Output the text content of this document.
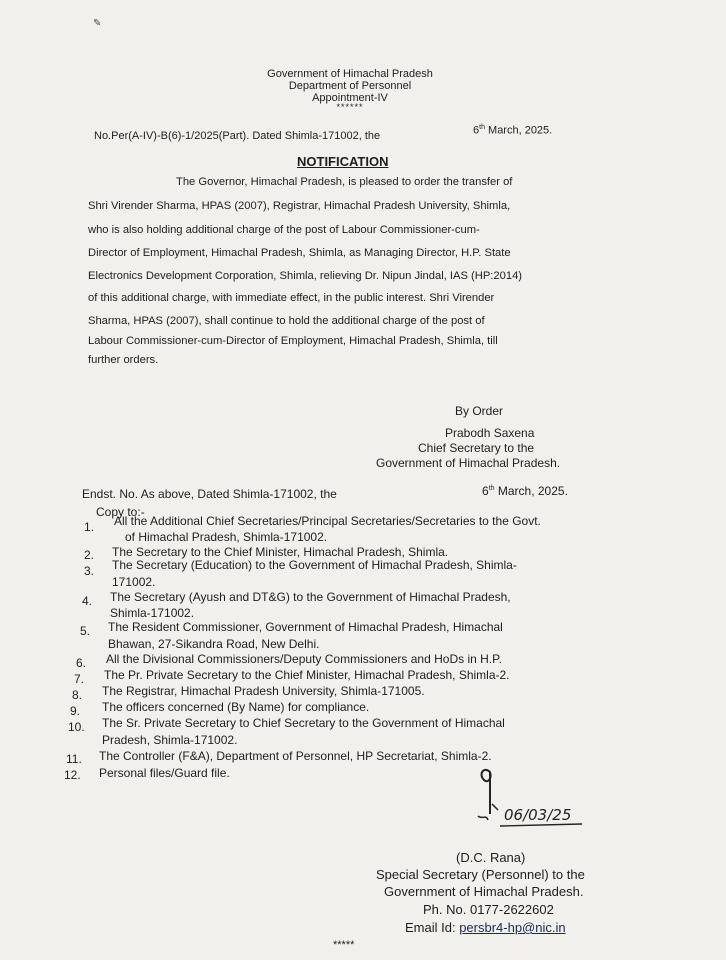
✎
Government of Himachal Pradesh
Department of Personnel
Appointment-IV
******
No.Per(A-IV)-B(6)-1/2025(Part). Dated Shimla-171002, the	6th March, 2025.
NOTIFICATION
The Governor, Himachal Pradesh, is pleased to order the transfer of
Shri Virender Sharma, HPAS (2007), Registrar, Himachal Pradesh University, Shimla,
who is also holding additional charge of the post of Labour Commissioner-cum-
Director of Employment, Himachal Pradesh, Shimla, as Managing Director, H.P. State
Electronics Development Corporation, Shimla, relieving Dr. Nipun Jindal, IAS (HP:2014)
of this additional charge, with immediate effect, in the public interest. Shri Virender
Sharma, HPAS (2007), shall continue to hold the additional charge of the post of
Labour Commissioner-cum-Director of Employment, Himachal Pradesh, Shimla, till
further orders.
By Order
Prabodh Saxena
Chief Secretary to the
Government of Himachal Pradesh.
Endst. No. As above, Dated Shimla-171002, the	6th March, 2025.
Copy to:-
1. All the Additional Chief Secretaries/Principal Secretaries/Secretaries to the Govt.
of Himachal Pradesh, Shimla-171002.
2. The Secretary to the Chief Minister, Himachal Pradesh, Shimla.
3. The Secretary (Education) to the Government of Himachal Pradesh, Shimla-
171002.
4. The Secretary (Ayush and DT&G) to the Government of Himachal Pradesh,
Shimla-171002.
5. The Resident Commissioner, Government of Himachal Pradesh, Himachal
Bhawan, 27-Sikandra Road, New Delhi.
6. All the Divisional Commissioners/Deputy Commissioners and HoDs in H.P.
7. The Pr. Private Secretary to the Chief Minister, Himachal Pradesh, Shimla-2.
8. The Registrar, Himachal Pradesh University, Shimla-171005.
9. The officers concerned (By Name) for compliance.
10. The Sr. Private Secretary to Chief Secretary to the Government of Himachal
Pradesh, Shimla-171002.
11. The Controller (F&A), Department of Personnel, HP Secretariat, Shimla-2.
12. Personal files/Guard file.
06/03/25
(D.C. Rana)
Special Secretary (Personnel) to the
Government of Himachal Pradesh.
Ph. No. 0177-2622602
Email Id: persbr4-hp@nic.in
*****
